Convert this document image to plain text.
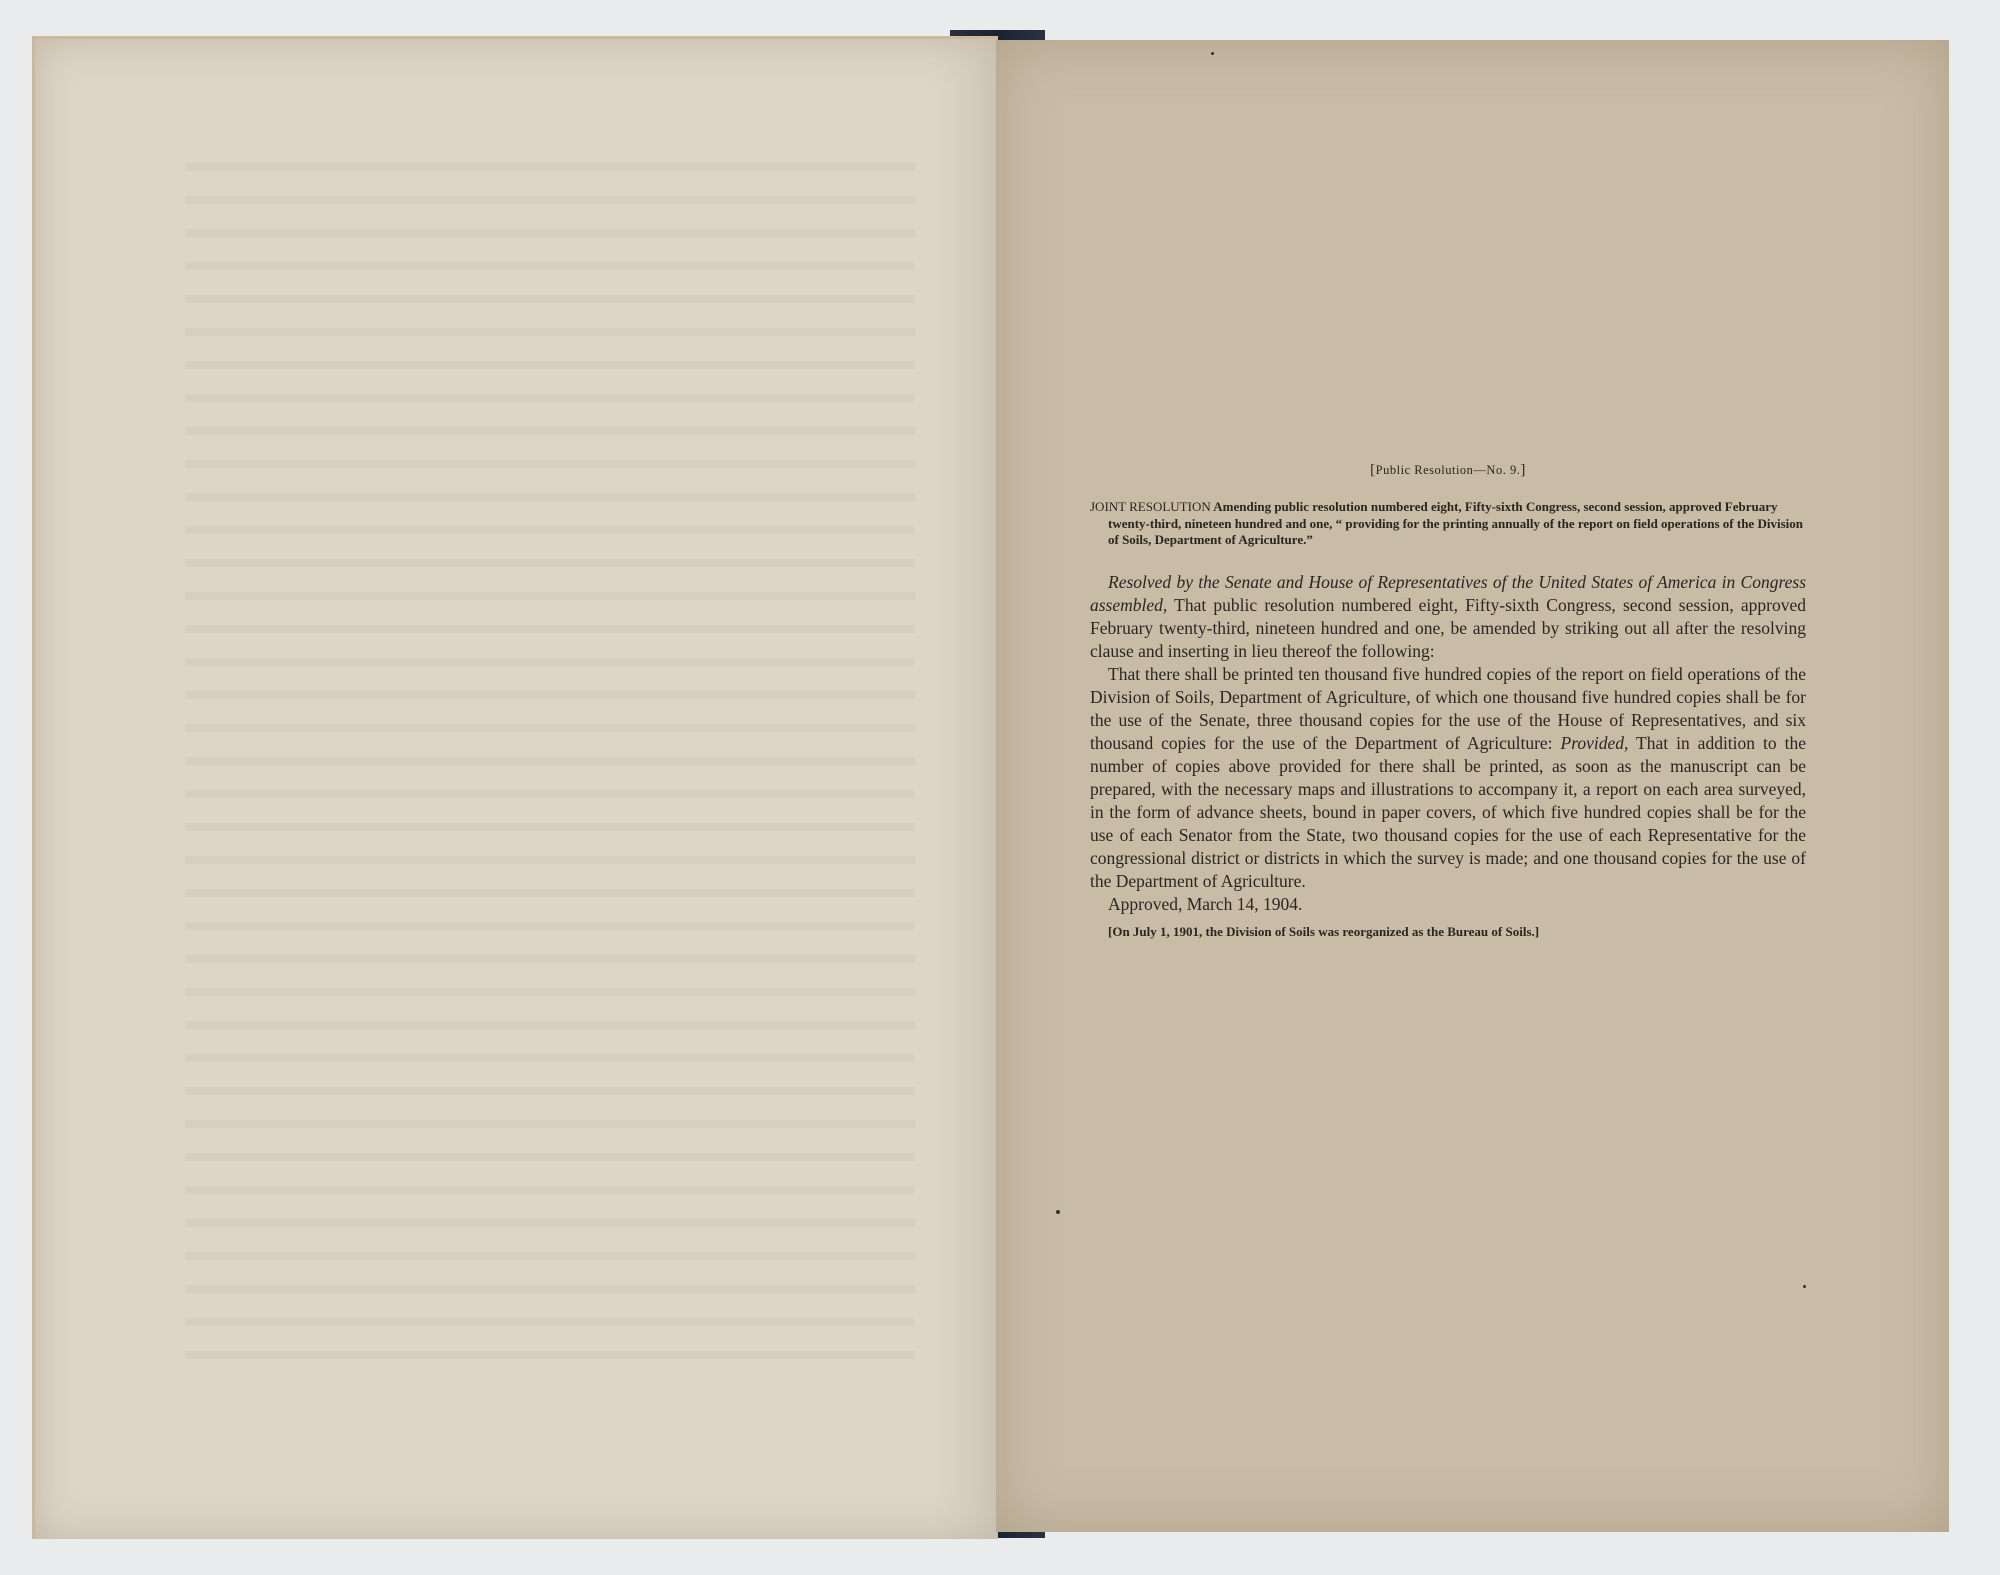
[Public Resolution—No. 9.]

JOINT RESOLUTION Amending public resolution numbered eight, Fifty-sixth Congress, second session, approved February twenty-third, nineteen hundred and one, “ providing for the printing annually of the report on field operations of the Division of Soils, Department of Agriculture.”

Resolved by the Senate and House of Representatives of the United States of America in Congress assembled, That public resolution numbered eight, Fifty-sixth Congress, second session, approved February twenty-third, nineteen hundred and one, be amended by striking out all after the resolving clause and inserting in lieu thereof the following:

That there shall be printed ten thousand five hundred copies of the report on field operations of the Division of Soils, Department of Agriculture, of which one thousand five hundred copies shall be for the use of the Senate, three thousand copies for the use of the House of Representatives, and six thousand copies for the use of the Department of Agriculture: Provided, That in addition to the number of copies above provided for there shall be printed, as soon as the manuscript can be prepared, with the necessary maps and illustrations to accompany it, a report on each area surveyed, in the form of advance sheets, bound in paper covers, of which five hundred copies shall be for the use of each Senator from the State, two thousand copies for the use of each Representative for the congressional district or districts in which the survey is made; and one thousand copies for the use of the Department of Agriculture.

Approved, March 14, 1904.

[On July 1, 1901, the Division of Soils was reorganized as the Bureau of Soils.]
